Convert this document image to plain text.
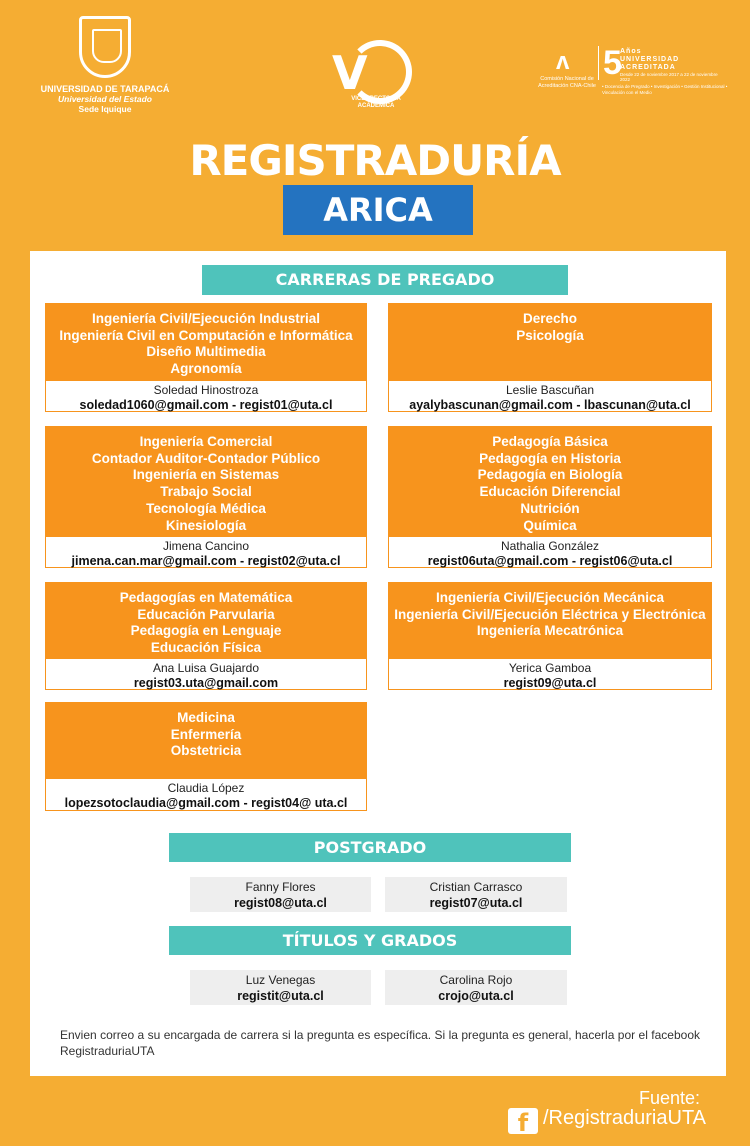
UNIVERSIDAD DE TARAPACÁ
Universidad del Estado
Sede Iquique
V
VICERRECTORÍA
ACADÉMICA
ᴧ
Comisión Nacional de Acreditación CNA-Chile
5
Años
UNIVERSIDAD
ACREDITADA
Desde 22 de noviembre 2017 a 22 de noviembre 2022
• Docencia de Pregrado • Investigación • Gestión Institucional • Vinculación con el Medio
REGISTRADURÍA
ARICA
CARRERAS DE PREGADO
Ingeniería Civil/Ejecución Industrial
Ingeniería Civil en Computación e Informática
Diseño Multimedia
Agronomía
Soledad Hinostroza
soledad1060@gmail.com - regist01@uta.cl
Derecho
Psicología
Leslie Bascuñan
ayalybascunan@gmail.com - lbascunan@uta.cl
Ingeniería Comercial
Contador Auditor-Contador Público
Ingeniería en Sistemas
Trabajo Social
Tecnología Médica
Kinesiología
Jimena Cancino
jimena.can.mar@gmail.com - regist02@uta.cl
Pedagogía Básica
Pedagogía en Historia
Pedagogía en Biología
Educación Diferencial
Nutrición
Química
Nathalia González
regist06uta@gmail.com - regist06@uta.cl
Pedagogías en Matemática
Educación Parvularia
Pedagogía en Lenguaje
Educación Física
Ana Luisa Guajardo
regist03.uta@gmail.com
Ingeniería Civil/Ejecución Mecánica
Ingeniería Civil/Ejecución Eléctrica y Electrónica
Ingeniería Mecatrónica
Yerica Gamboa
regist09@uta.cl
Medicina
Enfermería
Obstetricia
Claudia López
lopezsotoclaudia@gmail.com - regist04@ uta.cl
POSTGRADO
Fanny Flores
regist08@uta.cl
Cristian Carrasco
regist07@uta.cl
TÍTULOS Y GRADOS
Luz Venegas
registit@uta.cl
Carolina Rojo
crojo@uta.cl
Envien correo a su encargada de carrera si la pregunta es específica. Si la pregunta es general, hacerla por el facebook RegistraduriaUTA
Fuente:
f /RegistraduriaUTA
